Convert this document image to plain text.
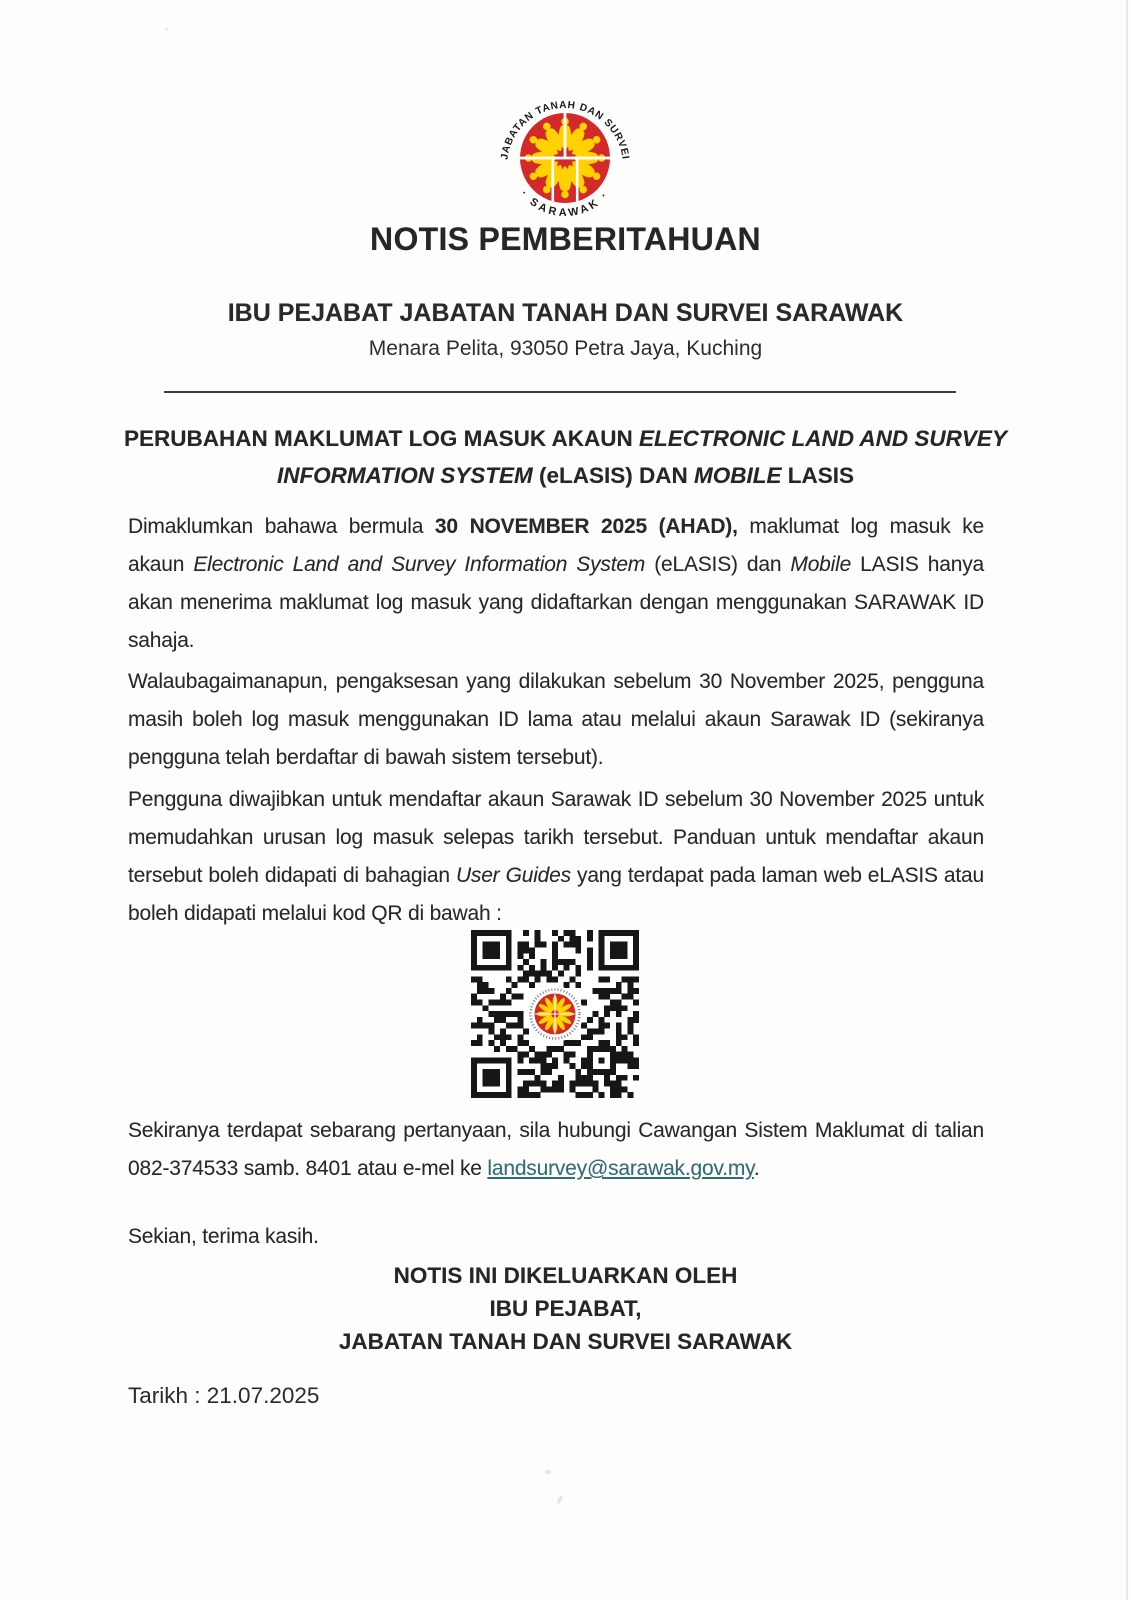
JABATAN TANAH DAN SURVEI
· SARAWAK ·
NOTIS PEMBERITAHUAN
IBU PEJABAT JABATAN TANAH DAN SURVEI SARAWAK
Menara Pelita, 93050 Petra Jaya, Kuching
PERUBAHAN MAKLUMAT LOG MASUK AKAUN ELECTRONIC LAND AND SURVEY INFORMATION SYSTEM (eLASIS) DAN MOBILE LASIS
Dimaklumkan bahawa bermula 30 NOVEMBER 2025 (AHAD), maklumat log masuk ke akaun Electronic Land and Survey Information System (eLASIS) dan Mobile LASIS hanya akan menerima maklumat log masuk yang didaftarkan dengan menggunakan SARAWAK ID sahaja.
Walaubagaimanapun, pengaksesan yang dilakukan sebelum 30 November 2025, pengguna masih boleh log masuk menggunakan ID lama atau melalui akaun Sarawak ID (sekiranya pengguna telah berdaftar di bawah sistem tersebut).
Pengguna diwajibkan untuk mendaftar akaun Sarawak ID sebelum 30 November 2025 untuk memudahkan urusan log masuk selepas tarikh tersebut. Panduan untuk mendaftar akaun tersebut boleh didapati di bahagian User Guides yang terdapat pada laman web eLASIS atau boleh didapati melalui kod QR di bawah :
Sekiranya terdapat sebarang pertanyaan, sila hubungi Cawangan Sistem Maklumat di talian 082-374533 samb. 8401 atau e-mel ke landsurvey@sarawak.gov.my.
Sekian, terima kasih.
NOTIS INI DIKELUARKAN OLEH
IBU PEJABAT,
JABATAN TANAH DAN SURVEI SARAWAK
Tarikh : 21.07.2025
